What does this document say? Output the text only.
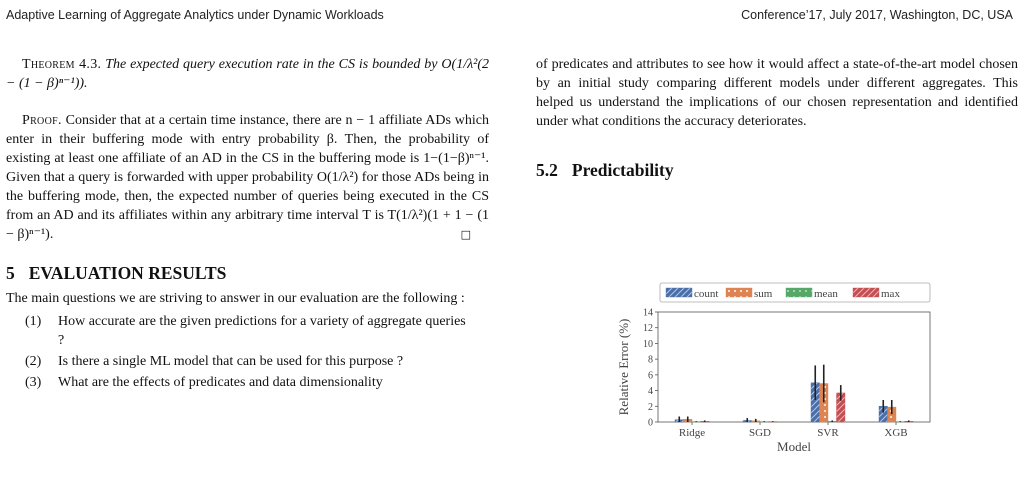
Adaptive Learning of Aggregate Analytics under Dynamic Workloads	Conference’17, July 2017, Washington, DC, USA

Theorem 4.3. The expected query execution rate in the CS is bounded by O(1/λ²(2 − (1 − β)ⁿ⁻¹)).

Proof. Consider that at a certain time instance, there are n − 1 affiliate ADs which enter in their buffering mode with entry probability β. Then, the probability of existing at least one affiliate of an AD in the CS in the buffering mode is 1−(1−β)ⁿ⁻¹. Given that a query is forwarded with upper probability O(1/λ²) for those ADs being in the buffering mode, then, the expected number of queries being executed in the CS from an AD and its affiliates within any arbitrary time interval T is T(1/λ²)(1 + 1 − (1 − β)ⁿ⁻¹).	□

5 EVALUATION RESULTS

The main questions we are striving to answer in our evaluation are the following :

(1) How accurate are the given predictions for a variety of aggregate queries ?
(2) Is there a single ML model that can be used for this purpose ?
(3) What are the effects of predicates and data dimensionality

of predicates and attributes to see how it would affect a state-of-the-art model chosen by an initial study comparing different models under different aggregates. This helped us understand the implications of our chosen representation and identified under what conditions the accuracy deteriorates.

5.2 Predictability
0
2
4
6
8
10
12
14
Relative Error (%)
Ridge	SGD	SVR	XGB
Model
count	sum	mean	max
